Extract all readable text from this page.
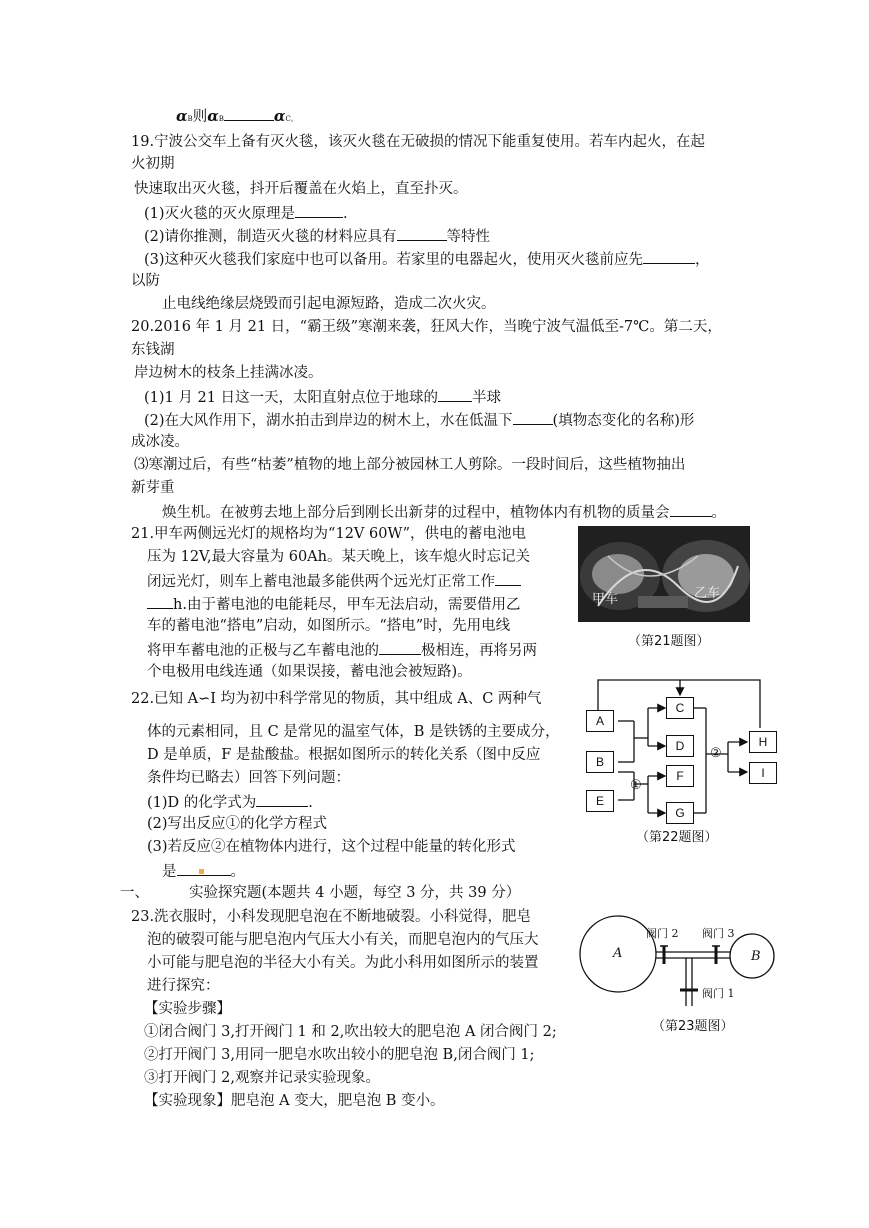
αB则αB	αC。
19.宁波公交车上备有灭火毯，该灭火毯在无破损的情况下能重复使用。若车内起火，在起
火初期
快速取出灭火毯，抖开后覆盖在火焰上，直至扑灭。
(1)灭火毯的灭火原理是	.
(2)请你推测，制造灭火毯的材料应具有	等特性
(3)这种灭火毯我们家庭中也可以备用。若家里的电器起火，使用灭火毯前应先	，
以防
止电线绝缘层烧毁而引起电源短路，造成二次火灾。
20.2016 年 1 月 21 日，“霸王级”寒潮来袭，狂风大作，当晚宁波气温低至-7℃。第二天，
东钱湖
岸边树木的枝条上挂满冰凌。
(1)1 月 21 日这一天，太阳直射点位于地球的 半球
(2)在大风作用下，湖水拍击到岸边的树木上，水在低温下	(填物态变化的名称)形
成冰凌。
⑶寒潮过后，有些“枯萎”植物的地上部分被园林工人剪除。一段时间后，这些植物抽出
新芽重
焕生机。在被剪去地上部分后到刚长出新芽的过程中，植物体内有机物的质量会	。
21.甲车两侧远光灯的规格均为“12V 60W”，供电的蓄电池电
压为 12V,最大容量为 60Ah。某天晚上，该车熄火时忘记关
闭远光灯，则车上蓄电池最多能供两个远光灯正常工作
h.由于蓄电池的电能耗尽，甲车无法启动，需要借用乙
车的蓄电池“搭电”启动，如图所示。“搭电”时，先用电线
将甲车蓄电池的正极与乙车蓄电池的	极相连，再将另两
个电极用电线连通（如果误接，蓄电池会被短路)。
甲车	乙车
（第21题图）
22.已知 A∽I 均为初中科学常见的物质，其中组成 A、C 两种气
体的元素相同，且 C 是常见的温室气体，B 是铁锈的主要成分，
D 是单质，F 是盐酸盐。根据如图所示的转化关系（图中反应
条件均已略去）回答下列问题：
(1)D 的化学式为	.
(2)写出反应①的化学方程式
(3)若反应②在植物体内进行，这个过程中能量的转化形式
是	。
A
B
E
C
D
F
G
H
I
①
②
（第22题图）
一、	实验探究题(本题共 4 小题，每空 3 分，共 39 分）
23.洗衣服时，小科发现肥皂泡在不断地破裂。小科觉得，肥皂
泡的破裂可能与肥皂泡内气压大小有关，而肥皂泡内的气压大
小可能与肥皂泡的半径大小有关。为此小科用如图所示的装置
进行探究：
【实验步骤】
①闭合阀门 3,打开阀门 1 和 2,吹出较大的肥皂泡 A 闭合阀门 2;
②打开阀门 3,用同一肥皂水吹出较小的肥皂泡 B,闭合阀门 1;
③打开阀门 2,观察并记录实验现象。
【实验现象】肥皂泡 A 变大，肥皂泡 B 变小。
A	B
阀门 2 阀门 3
阀门 1
（第23题图）
